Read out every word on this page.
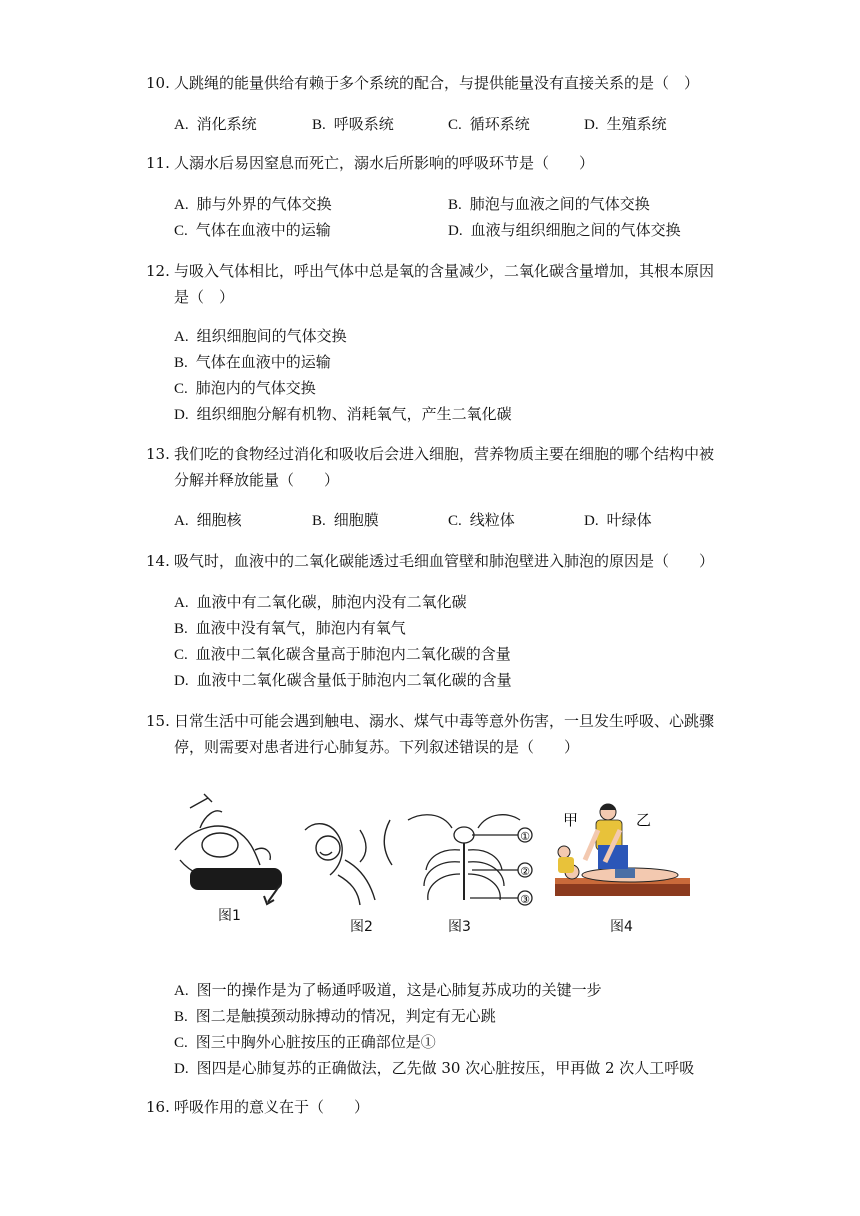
10. 人跳绳的能量供给有赖于多个系统的配合，与提供能量没有直接关系的是（　）
A. 消化系统	B. 呼吸系统	C. 循环系统	D. 生殖系统
11. 人溺水后易因窒息而死亡，溺水后所影响的呼吸环节是（　　）
A. 肺与外界的气体交换	B. 肺泡与血液之间的气体交换
C. 气体在血液中的运输	D. 血液与组织细胞之间的气体交换
12. 与吸入气体相比，呼出气体中总是氧的含量减少，二氧化碳含量增加，其根本原因
是（　）
A. 组织细胞间的气体交换
B. 气体在血液中的运输
C. 肺泡内的气体交换
D. 组织细胞分解有机物、消耗氧气，产生二氧化碳
13. 我们吃的食物经过消化和吸收后会进入细胞，营养物质主要在细胞的哪个结构中被
分解并释放能量（　　）
A. 细胞核	B. 细胞膜	C. 线粒体	D. 叶绿体
14. 吸气时，血液中的二氧化碳能透过毛细血管壁和肺泡壁进入肺泡的原因是（　　）
A. 血液中有二氧化碳，肺泡内没有二氧化碳
B. 血液中没有氧气，肺泡内有氧气
C. 血液中二氧化碳含量高于肺泡内二氧化碳的含量
D. 血液中二氧化碳含量低于肺泡内二氧化碳的含量
15. 日常生活中可能会遇到触电、溺水、煤气中毒等意外伤害，一旦发生呼吸、心跳骤
停，则需要对患者进行心肺复苏。下列叙述错误的是（　　）
①
②
③
甲	乙
图1
图2	图3	图4
A. 图一的操作是为了畅通呼吸道，这是心肺复苏成功的关键一步
B. 图二是触摸颈动脉搏动的情况，判定有无心跳
C. 图三中胸外心脏按压的正确部位是①
D. 图四是心肺复苏的正确做法，乙先做 30 次心脏按压，甲再做 2 次人工呼吸
16. 呼吸作用的意义在于（　　）
